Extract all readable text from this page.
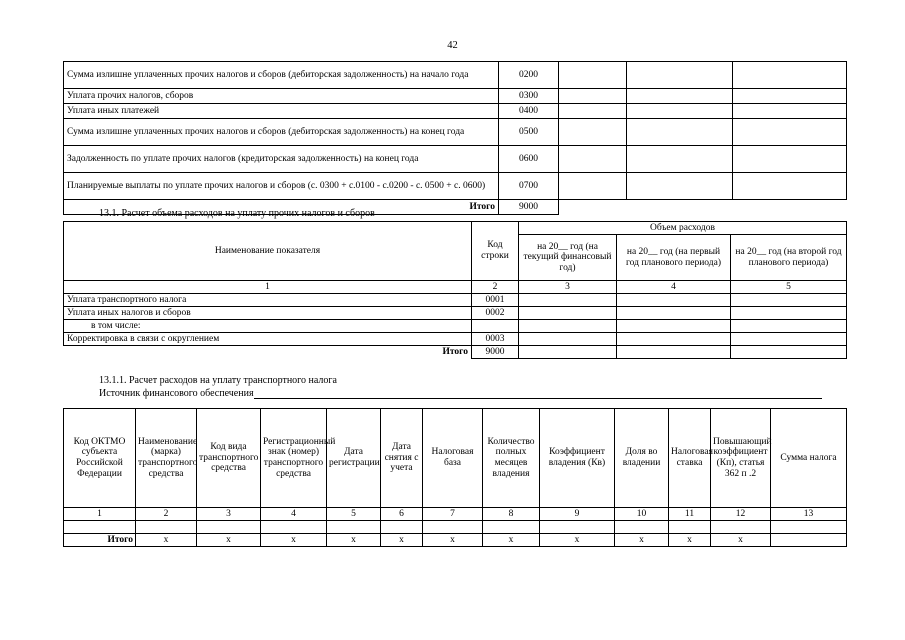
42
Сумма излишне уплаченных прочих налогов и сборов (дебиторская задолженность) на начало года	0200			
Уплата прочих налогов, сборов	0300			
Уплата иных платежей	0400			
Сумма излишне уплаченных прочих налогов и сборов (дебиторская задолженность) на конец года	0500			
Задолженность по уплате прочих налогов (кредиторская задолженность) на конец года	0600			
Планируемые выплаты по уплате прочих налогов и сборов (с. 0300 + с.0100 - с.0200 - с. 0500 + с. 0600)	0700			
Итого	9000			
13.1. Расчет объема расходов на уплату прочих налогов и сборов
Наименование показателя	Код строки	Объем расходов		
		на 20__ год (на текущий финансовый год)	на 20__ год (на первый год планового периода)	на 20__ год (на второй год планового периода)
1	2	3	4	5
Уплата транспортного налога	0001			
Уплата иных налогов и сборов	0002			
в том числе:				
Корректировка в связи с округлением	0003			
Итого	9000			
13.1.1. Расчет расходов на уплату транспортного налога
Источник финансового обеспечения
Код ОКТМО субъекта Российской Федерации	Наименование (марка) транспортного средства	Код вида транспортного средства	Регистрационный знак (номер) транспортного средства	Дата регистрации	Дата снятия с учета	Налоговая база	Количество полных месяцев владения	Коэффициент владения (Кв)	Доля во владении	Налоговая ставка	Повышающий коэффициент (Кп), статья 362 п .2	Сумма налога
1	2	3	4	5	6	7	8	9	10	11	12	13

Итого	x	x	x	x	x	x	x	x	x	x	x	
